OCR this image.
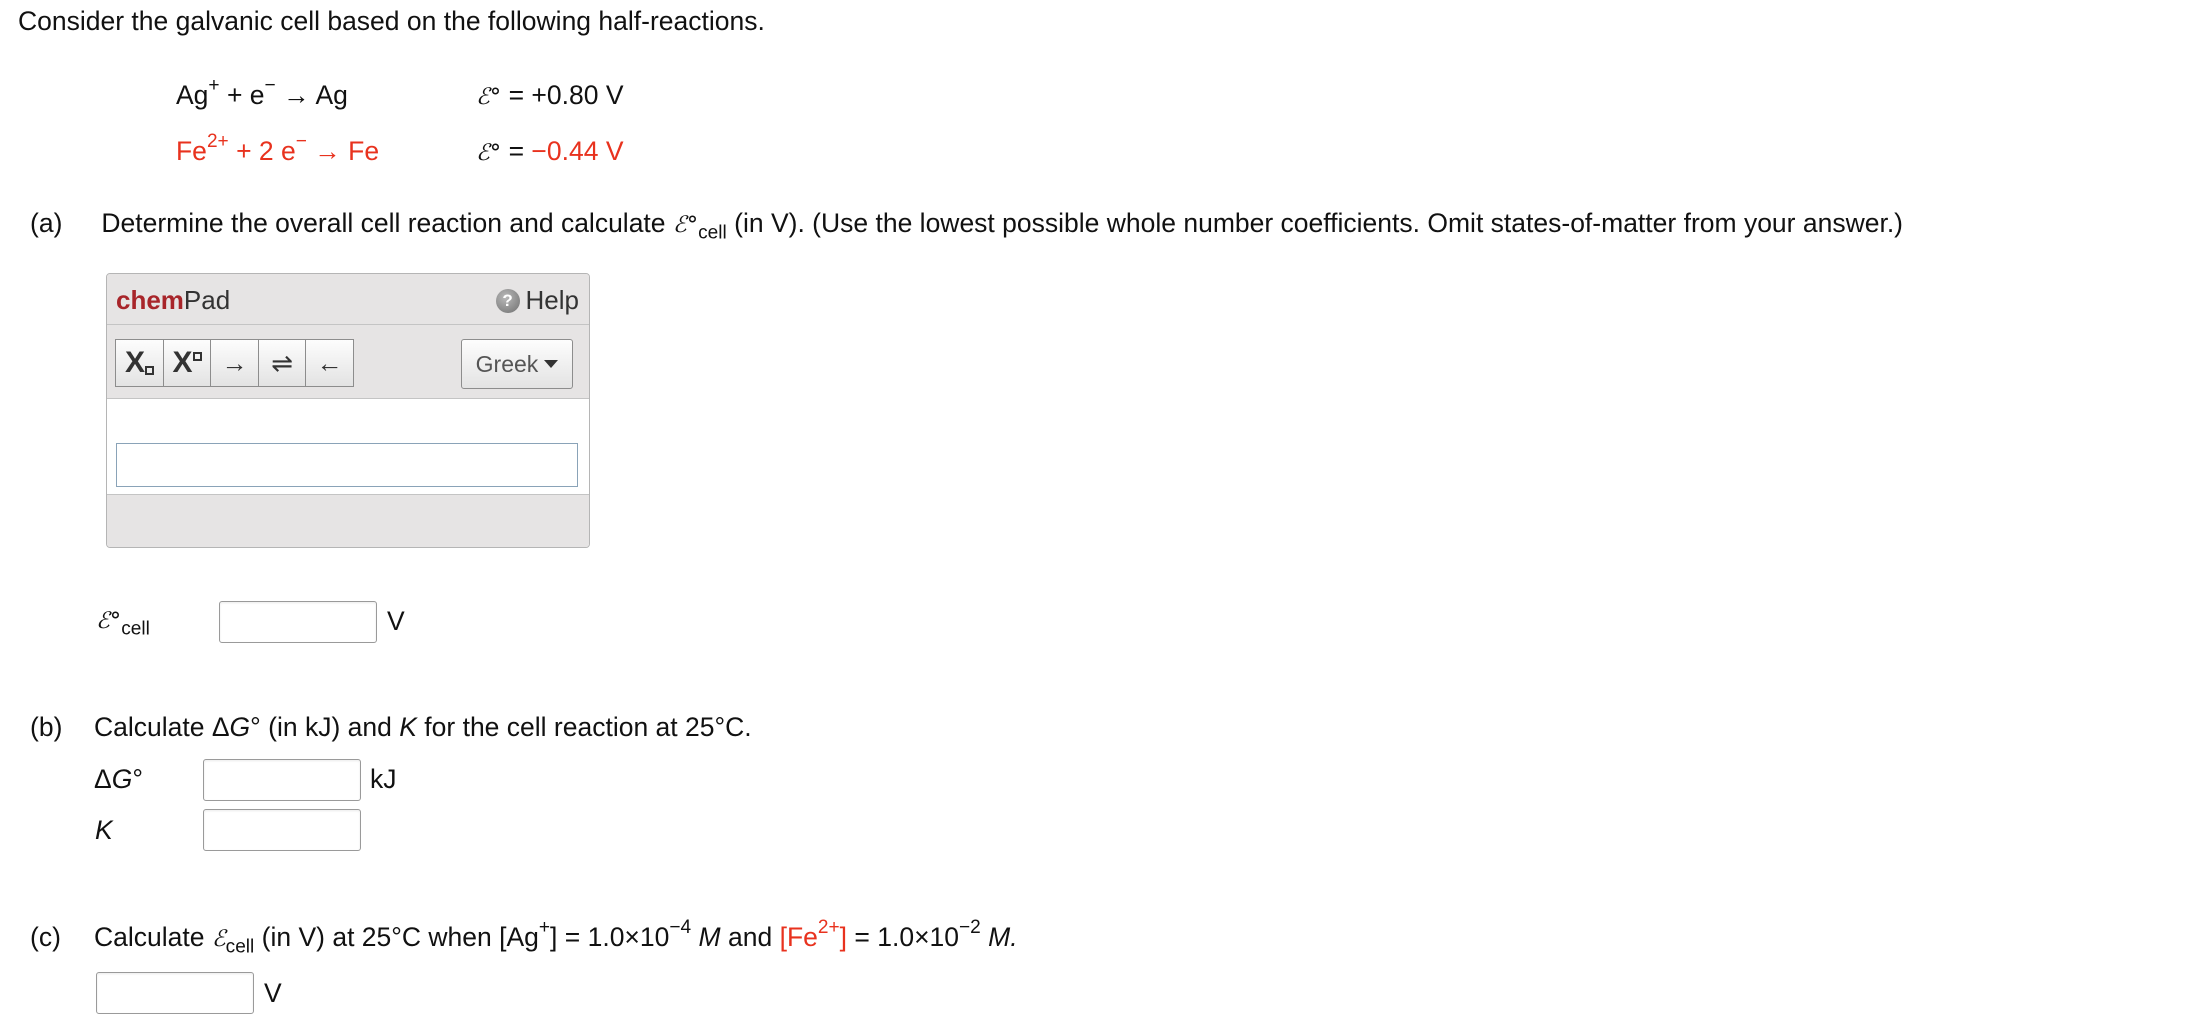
Consider the galvanic cell based on the following half-reactions.
Ag+ + e− → Ag	ℰ° = +0.80 V
$Fe^{2+} + 2$ e− → Fe	ℰ° = −0.44 V
(a) Determine the overall cell reaction and calculate $ℰ^\circ_{cell}$ (in V). (Use the lowest possible whole number coefficients. Omit states-of-matter from your answer.)
chemPad	? Help
X X → ⇌ ←	Greek
$ℰ^\circ_{cell}$	V
(b) Calculate ΔG° (in kJ) and K for the cell reaction at 25°C.
ΔG°	kJ
K
(c) Calculate ℰ$_{cell}$ (in V) at 25°C when $[Ag^+] = 1.0\times 10^{-4}$ M and $[Fe^{2+}] = 1.0\times 10^{-2}$ M.
V
